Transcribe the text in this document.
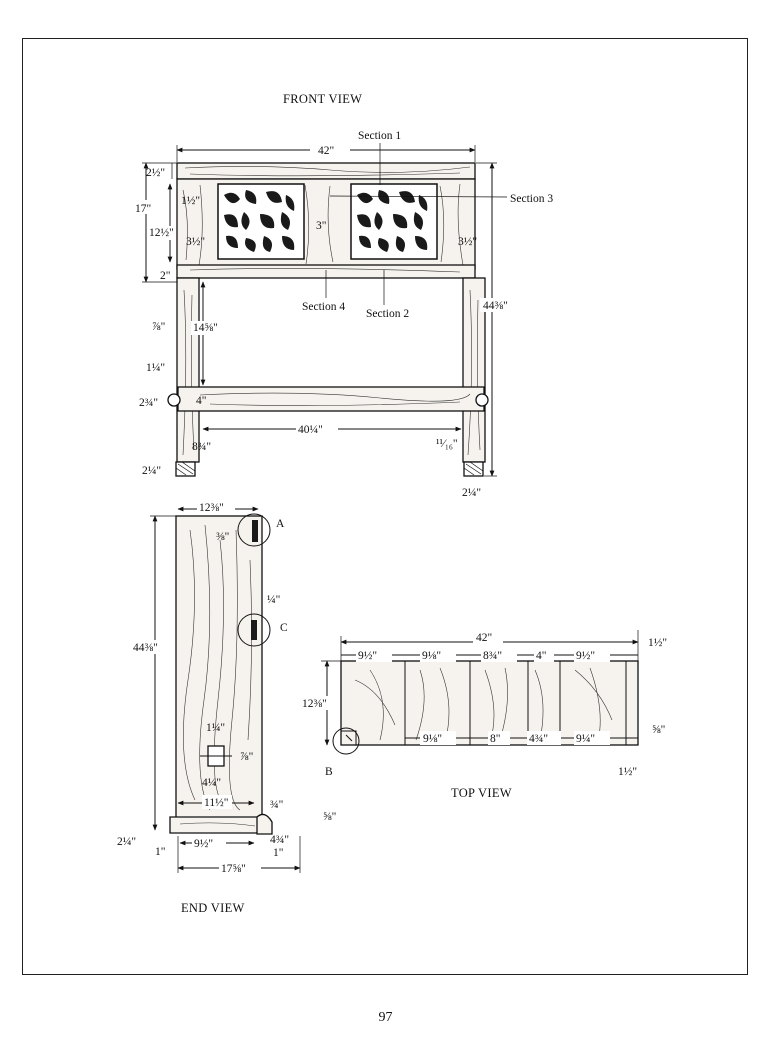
FRONT VIEW
42"
17"
2½"
1½"
12½"
3½"
3"
3½"
2"
44⅜"
⅞" 14⅝"
1¼"
2¾"	4"
40¼"
8¾"	¹¹⁄₁₆"
2¼"
2¼"
Section 1
Section 3
Section 4
Section 2
A
C
12⅜"
⅜"
44⅜"
¼"
1¼"
⅞"
4¼"
11½"	¾"
⅝"
2¼"
1"
9½"	4¾"
1"
17⅝"
END VIEW
B
42"	1½"
9½"	9⅛"	8¾"	4"	9½"
12⅜"
9⅛"	8" 4¾" 9¼"
⅝"
1½"
TOP VIEW
97
